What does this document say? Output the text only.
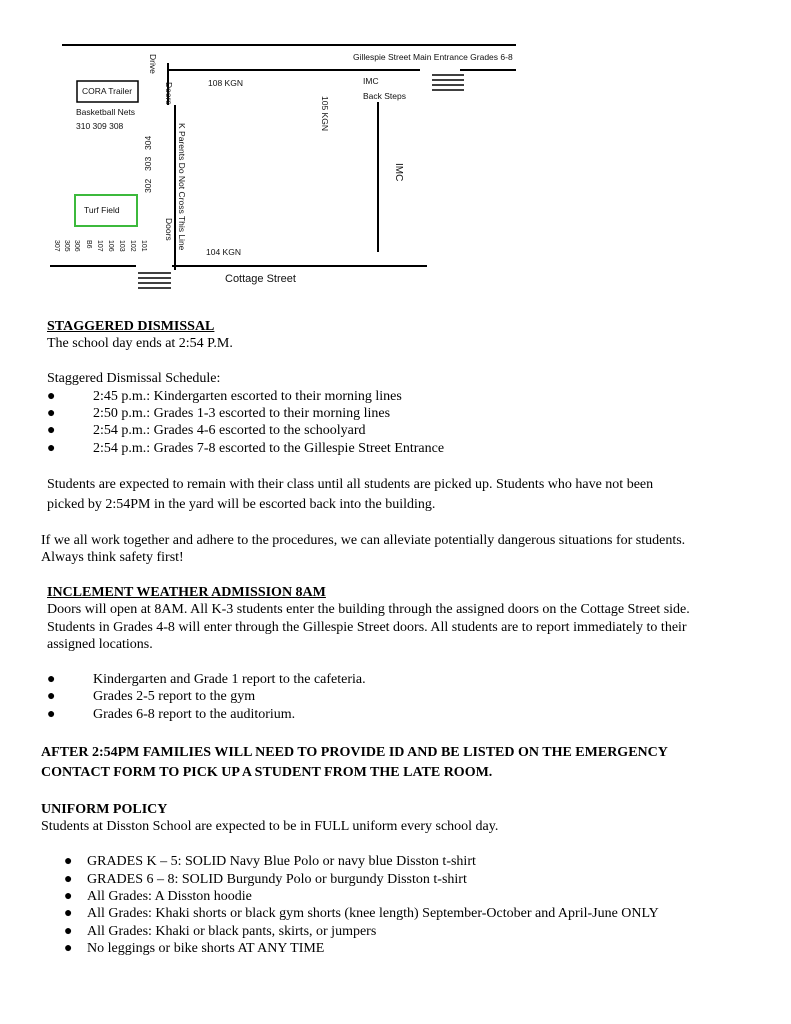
Gillespie Street Main Entrance Grades 6-8
108 KGN	IMC
Back Steps
CORA Trailer
Basketball Nets
310 309 308
Turf Field
104 KGN
Cottage Street
Drive
Doors
K Parents Do Not Cross This Line
Doors
105 KGN
IMC
304
303
302
307 305 306 B6 107 106 103 102 101
STAGGERED DISMISSAL
The school day ends at 2:54 P.M.
Staggered Dismissal Schedule:
●	2:45 p.m.: Kindergarten escorted to their morning lines
●	2:50 p.m.: Grades 1-3 escorted to their morning lines
●	2:54 p.m.: Grades 4-6 escorted to the schoolyard
●	2:54 p.m.: Grades 7-8 escorted to the Gillespie Street Entrance
Students are expected to remain with their class until all students are picked up. Students who have not been
picked by 2:54PM in the yard will be escorted back into the building.
If we all work together and adhere to the procedures, we can alleviate potentially dangerous situations for students.
Always think safety first!
INCLEMENT WEATHER ADMISSION 8AM
Doors will open at 8AM. All K-3 students enter the building through the assigned doors on the Cottage Street side.
Students in Grades 4-8 will enter through the Gillespie Street doors. All students are to report immediately to their
assigned locations.
●	Kindergarten and Grade 1 report to the cafeteria.
●	Grades 2-5 report to the gym
●	Grades 6-8 report to the auditorium.
AFTER 2:54PM FAMILIES WILL NEED TO PROVIDE ID AND BE LISTED ON THE EMERGENCY
CONTACT FORM TO PICK UP A STUDENT FROM THE LATE ROOM.
UNIFORM POLICY
Students at Disston School are expected to be in FULL uniform every school day.
● GRADES K – 5: SOLID Navy Blue Polo or navy blue Disston t-shirt
● GRADES 6 – 8: SOLID Burgundy Polo or burgundy Disston t-shirt
● All Grades: A Disston hoodie
● All Grades: Khaki shorts or black gym shorts (knee length) September-October and April-June ONLY
● All Grades: Khaki or black pants, skirts, or jumpers
● No leggings or bike shorts AT ANY TIME
